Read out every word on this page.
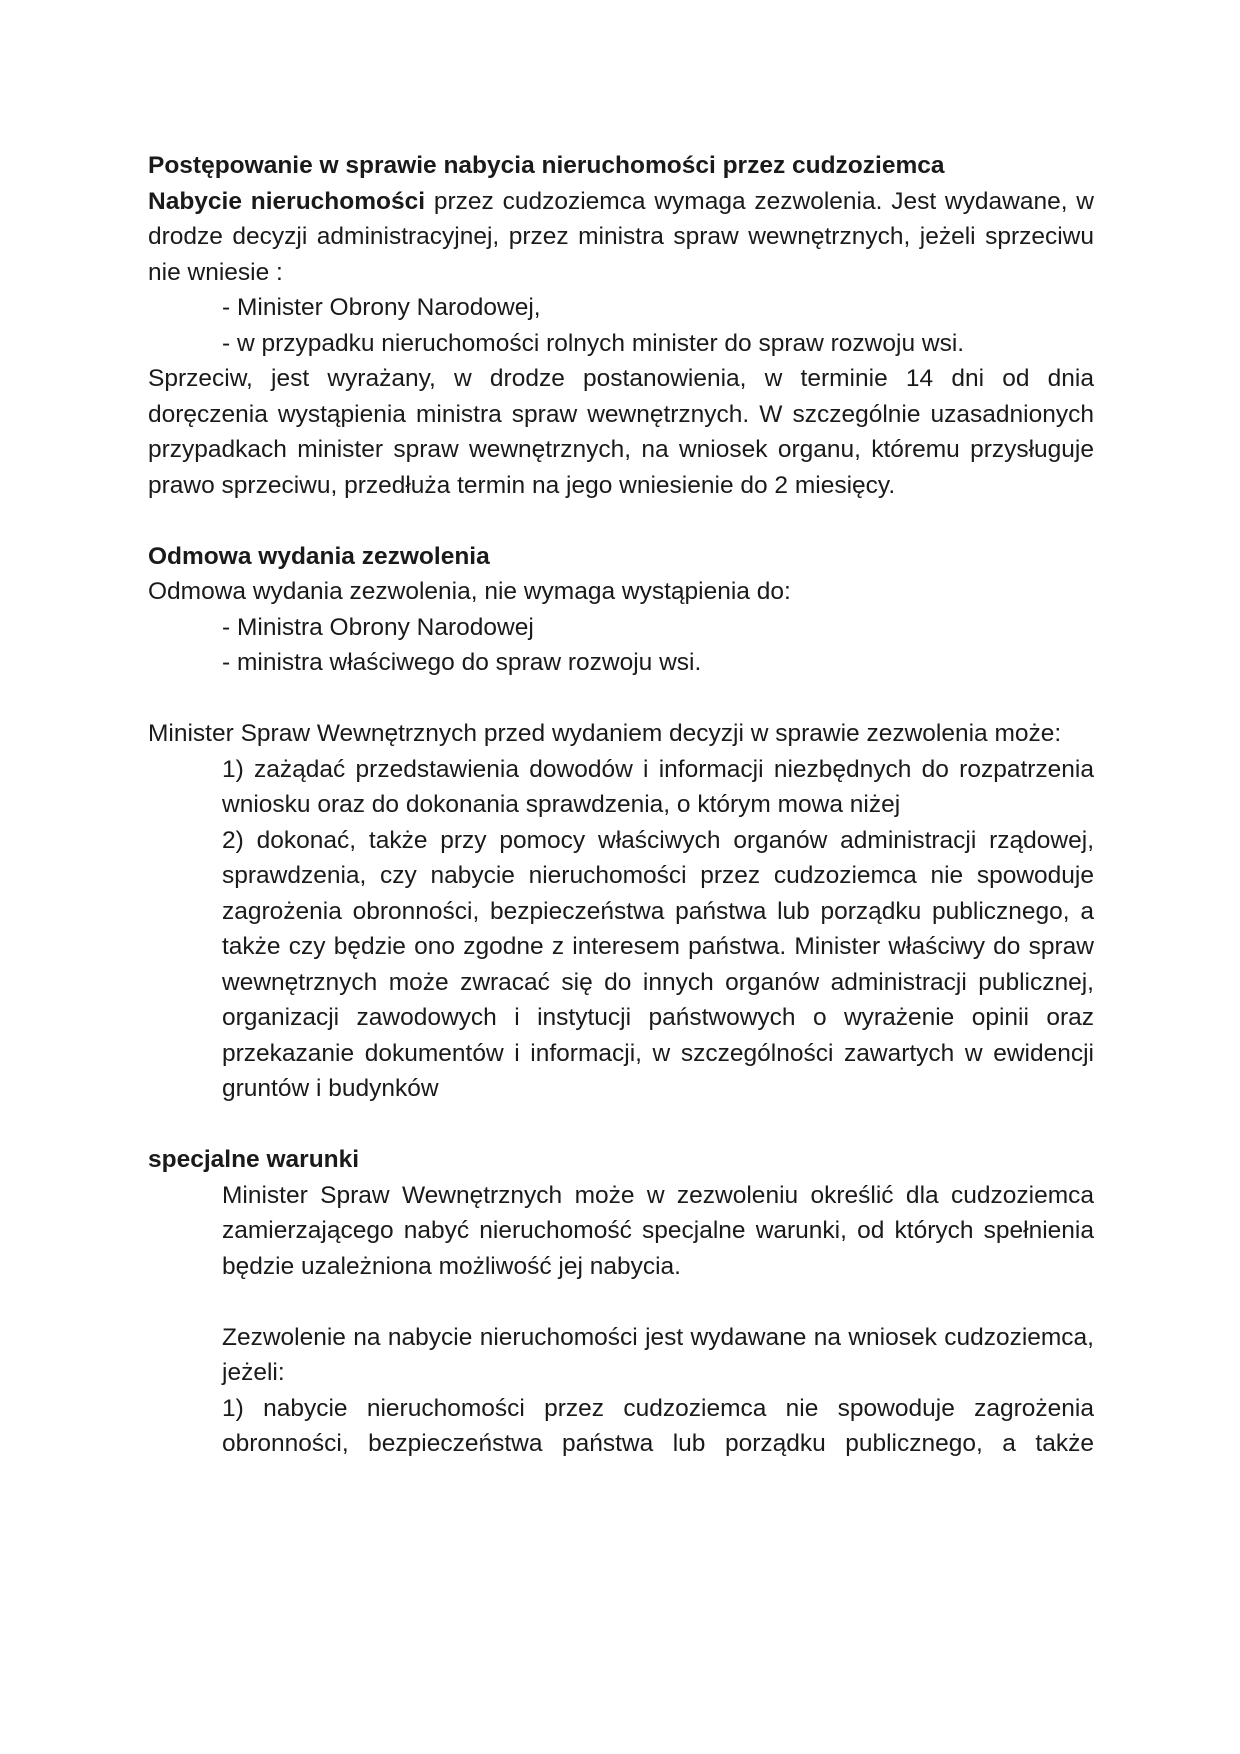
Postępowanie w sprawie nabycia nieruchomości przez cudzoziemca

Nabycie nieruchomości przez cudzoziemca wymaga zezwolenia. Jest wydawane, w drodze decyzji administracyjnej, przez ministra spraw wewnętrznych, jeżeli sprzeciwu nie wniesie :

- Minister Obrony Narodowej,

- w przypadku nieruchomości rolnych minister do spraw rozwoju wsi.

Sprzeciw, jest wyrażany, w drodze postanowienia, w terminie 14 dni od dnia doręczenia wystąpienia ministra spraw wewnętrznych. W szczególnie uzasadnionych przypadkach minister spraw wewnętrznych, na wniosek organu, któremu przysługuje prawo sprzeciwu, przedłuża termin na jego wniesienie do 2 miesięcy.

Odmowa wydania zezwolenia

Odmowa wydania zezwolenia, nie wymaga wystąpienia do:

- Ministra Obrony Narodowej

- ministra właściwego do spraw rozwoju wsi.

Minister Spraw Wewnętrznych przed wydaniem decyzji w sprawie zezwolenia może:

1) zażądać przedstawienia dowodów i informacji niezbędnych do rozpatrzenia wniosku oraz do dokonania sprawdzenia, o którym mowa niżej

2) dokonać, także przy pomocy właściwych organów administracji rządowej, sprawdzenia, czy nabycie nieruchomości przez cudzoziemca nie spowoduje zagrożenia obronności, bezpieczeństwa państwa lub porządku publicznego, a także czy będzie ono zgodne z interesem państwa. Minister właściwy do spraw wewnętrznych może zwracać się do innych organów administracji publicznej, organizacji zawodowych i instytucji państwowych o wyrażenie opinii oraz przekazanie dokumentów i informacji, w szczególności zawartych w ewidencji gruntów i budynków

specjalne warunki

Minister Spraw Wewnętrznych może w zezwoleniu określić dla cudzoziemca zamierzającego nabyć nieruchomość specjalne warunki, od których spełnienia będzie uzależniona możliwość jej nabycia.

Zezwolenie na nabycie nieruchomości jest wydawane na wniosek cudzoziemca, jeżeli:

1) nabycie nieruchomości przez cudzoziemca nie spowoduje zagrożenia obronności, bezpieczeństwa państwa lub porządku publicznego, a także
